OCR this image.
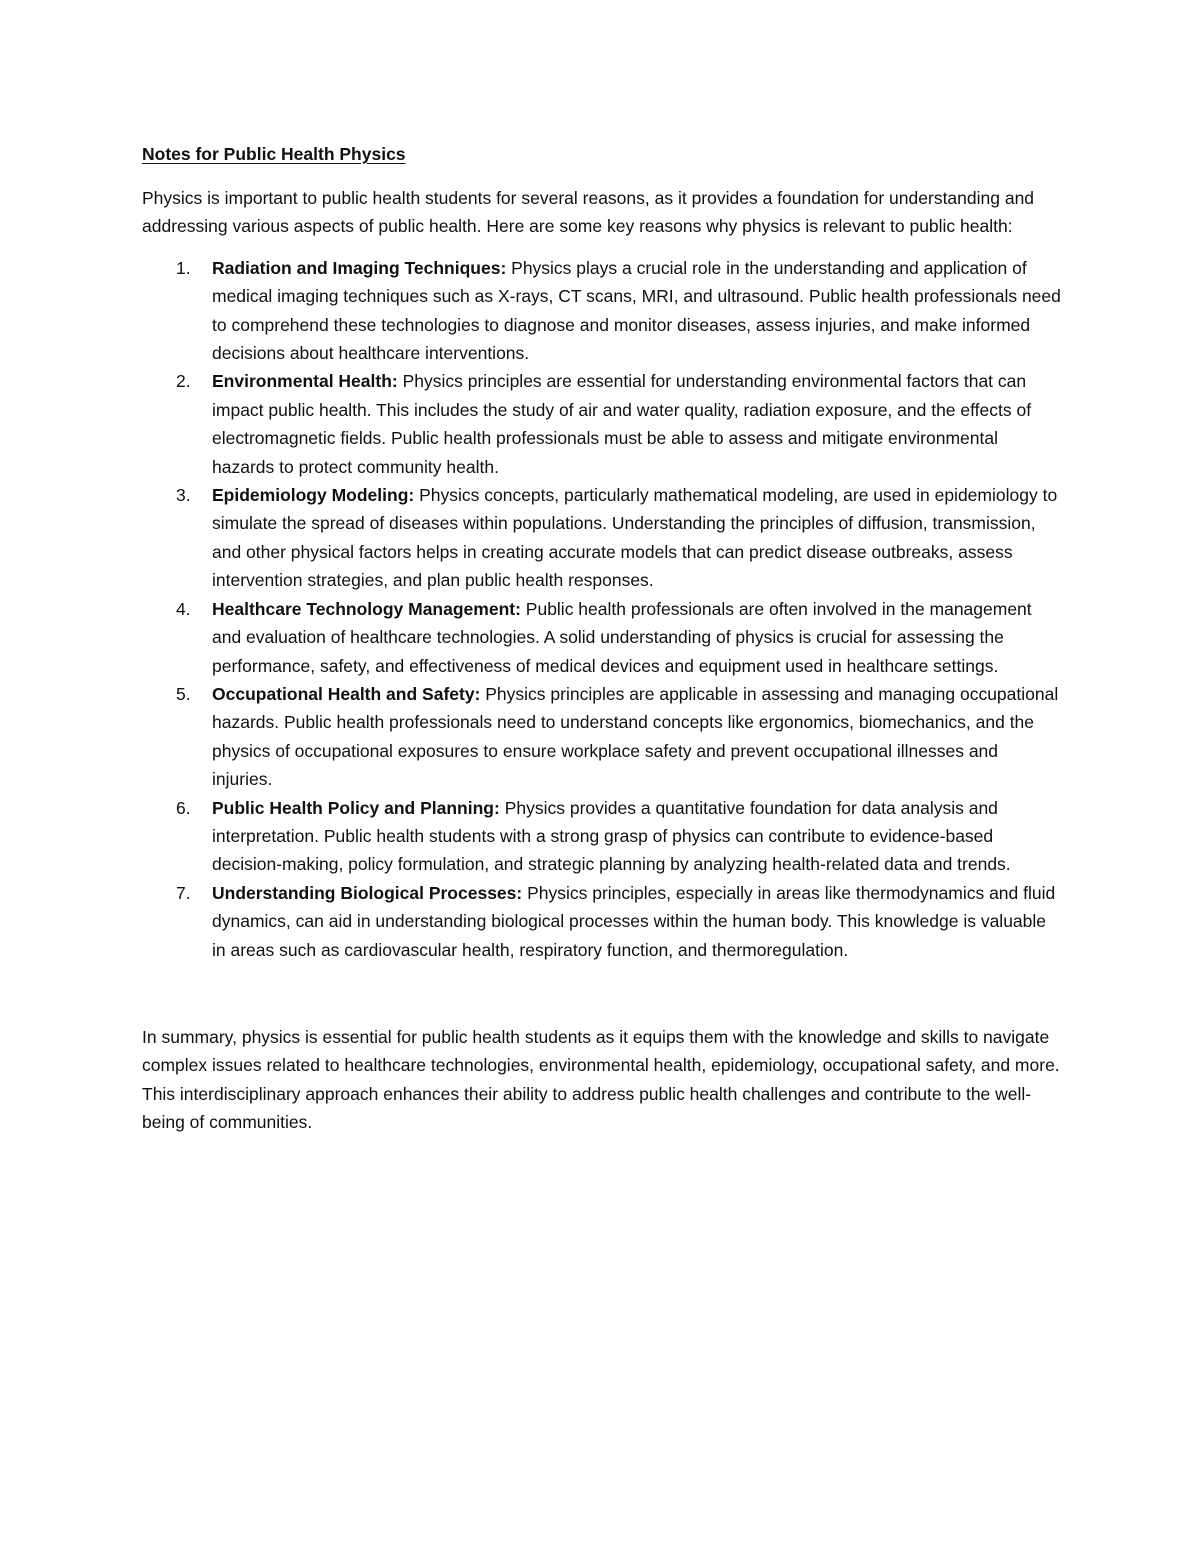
Notes for Public Health Physics

Physics is important to public health students for several reasons, as it provides a foundation for understanding and addressing various aspects of public health. Here are some key reasons why physics is relevant to public health:

1.	Radiation and Imaging Techniques: Physics plays a crucial role in the understanding and application of medical imaging techniques such as X-rays, CT scans, MRI, and ultrasound. Public health professionals need to comprehend these technologies to diagnose and monitor diseases, assess injuries, and make informed decisions about healthcare interventions.
2.	Environmental Health: Physics principles are essential for understanding environmental factors that can impact public health. This includes the study of air and water quality, radiation exposure, and the effects of electromagnetic fields. Public health professionals must be able to assess and mitigate environmental hazards to protect community health.
3.	Epidemiology Modeling: Physics concepts, particularly mathematical modeling, are used in epidemiology to simulate the spread of diseases within populations. Understanding the principles of diffusion, transmission, and other physical factors helps in creating accurate models that can predict disease outbreaks, assess intervention strategies, and plan public health responses.
4.	Healthcare Technology Management: Public health professionals are often involved in the management and evaluation of healthcare technologies. A solid understanding of physics is crucial for assessing the performance, safety, and effectiveness of medical devices and equipment used in healthcare settings.
5.	Occupational Health and Safety: Physics principles are applicable in assessing and managing occupational hazards. Public health professionals need to understand concepts like ergonomics, biomechanics, and the physics of occupational exposures to ensure workplace safety and prevent occupational illnesses and injuries.
6.	Public Health Policy and Planning: Physics provides a quantitative foundation for data analysis and interpretation. Public health students with a strong grasp of physics can contribute to evidence-based decision-making, policy formulation, and strategic planning by analyzing health-related data and trends.
7.	Understanding Biological Processes: Physics principles, especially in areas like thermodynamics and fluid dynamics, can aid in understanding biological processes within the human body. This knowledge is valuable in areas such as cardiovascular health, respiratory function, and thermoregulation.

In summary, physics is essential for public health students as it equips them with the knowledge and skills to navigate complex issues related to healthcare technologies, environmental health, epidemiology, occupational safety, and more. This interdisciplinary approach enhances their ability to address public health challenges and contribute to the well-being of communities.
